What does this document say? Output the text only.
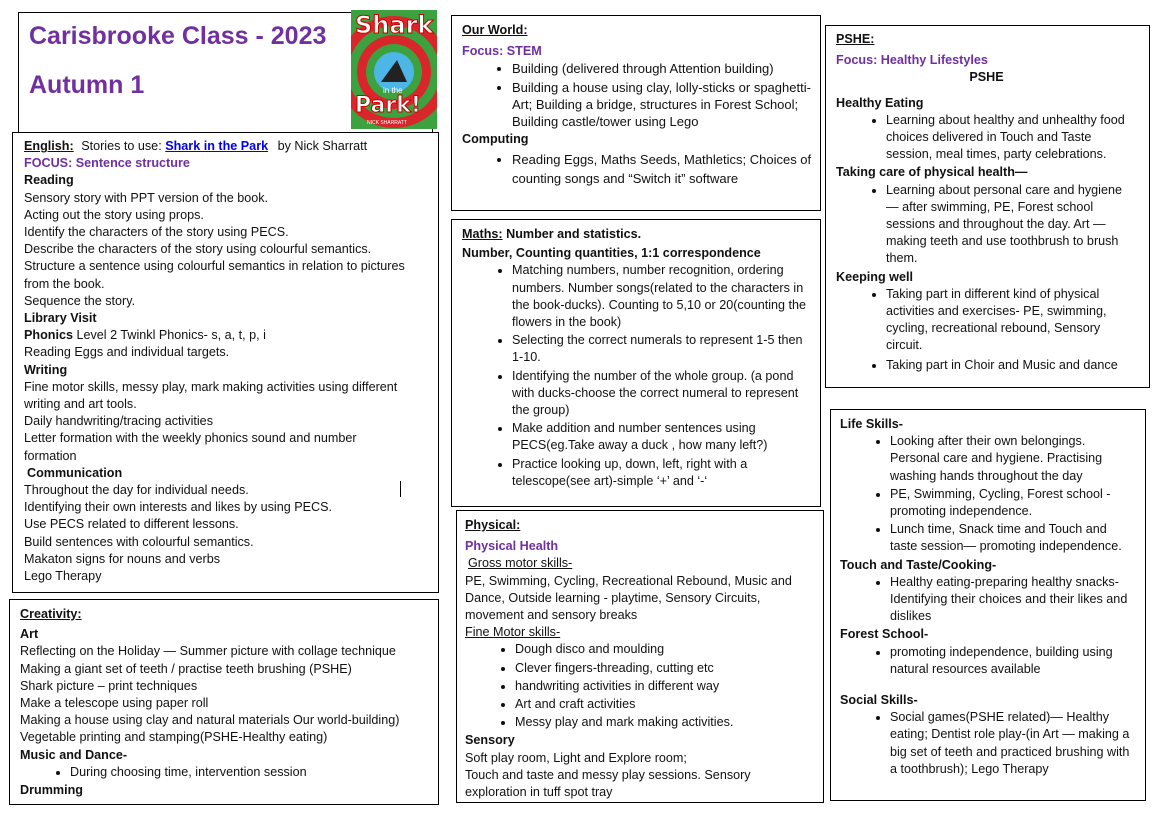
Carisbrooke Class - 2023
Autumn 1
Shark
in the
Park!
NICK SHARRATT
English: Stories to use: Shark in the Park by Nick Sharratt
FOCUS: Sentence structure
Reading
Sensory story with PPT version of the book.
Acting out the story using props.
Identify the characters of the story using PECS.
Describe the characters of the story using colourful semantics.
Structure a sentence using colourful semantics in relation to pictures
from the book.
Sequence the story.
Library Visit
Phonics Level 2 Twinkl Phonics- s, a, t, p, i
Reading Eggs and individual targets.
Writing
Fine motor skills, messy play, mark making activities using different
writing and art tools.
Daily handwriting/tracing activities
Letter formation with the weekly phonics sound and number
formation
Communication
Throughout the day for individual needs.
Identifying their own interests and likes by using PECS.
Use PECS related to different lessons.
Build sentences with colourful semantics.
Makaton signs for nouns and verbs
Lego Therapy
Creativity:
Art
Reflecting on the Holiday — Summer picture with collage technique
Making a giant set of teeth / practise teeth brushing (PSHE)
Shark picture – print techniques
Make a telescope using paper roll
Making a house using clay and natural materials Our world-building)
Vegetable printing and stamping(PSHE-Healthy eating)
Music and Dance-
• During choosing time, intervention session
Drumming
Our World:
Focus: STEM
• Building (delivered through Attention building)
• Building a house using clay, lolly-sticks or spaghetti-Art; Building a bridge, structures in Forest School; Building castle/tower using Lego
Computing
• Reading Eggs, Maths Seeds, Mathletics; Choices of counting songs and “Switch it” software
Maths: Number and statistics.
Number, Counting quantities, 1:1 correspondence
• Matching numbers, number recognition, ordering numbers. Number songs(related to the characters in the book-ducks). Counting to 5,10 or 20(counting the flowers in the book)
• Selecting the correct numerals to represent 1-5 then 1-10.
• Identifying the number of the whole group. (a pond with ducks-choose the correct numeral to represent the group)
• Make addition and number sentences using PECS(eg.Take away a duck , how many left?)
• Practice looking up, down, left, right with a telescope(see art)-simple ‘+’ and ‘-‘
Physical:
Physical Health
Gross motor skills-
PE, Swimming, Cycling, Recreational Rebound, Music and
Dance, Outside learning - playtime, Sensory Circuits,
movement and sensory breaks
Fine Motor skills-
• Dough disco and moulding
• Clever fingers-threading, cutting etc
• handwriting activities in different way
• Art and craft activities
• Messy play and mark making activities.
Sensory
Soft play room, Light and Explore room;
Touch and taste and messy play sessions. Sensory
exploration in tuff spot tray
PSHE:
Focus: Healthy Lifestyles
PSHE
Healthy Eating
• Learning about healthy and unhealthy food choices delivered in Touch and Taste session, meal times, party celebrations.
Taking care of physical health—
• Learning about personal care and hygiene — after swimming, PE, Forest school sessions and throughout the day. Art — making teeth and use toothbrush to brush them.
Keeping well
• Taking part in different kind of physical activities and exercises- PE, swimming, cycling, recreational rebound, Sensory circuit.
• Taking part in Choir and Music and dance
Life Skills-
• Looking after their own belongings. Personal care and hygiene. Practising washing hands throughout the day
• PE, Swimming, Cycling, Forest school - promoting independence.
• Lunch time, Snack time and Touch and taste session— promoting independence.
Touch and Taste/Cooking-
• Healthy eating-preparing healthy snacks-Identifying their choices and their likes and dislikes
Forest School-
• promoting independence, building using natural resources available
Social Skills-
• Social games(PSHE related)— Healthy eating; Dentist role play-(in Art — making a big set of teeth and practiced brushing with a toothbrush); Lego Therapy
